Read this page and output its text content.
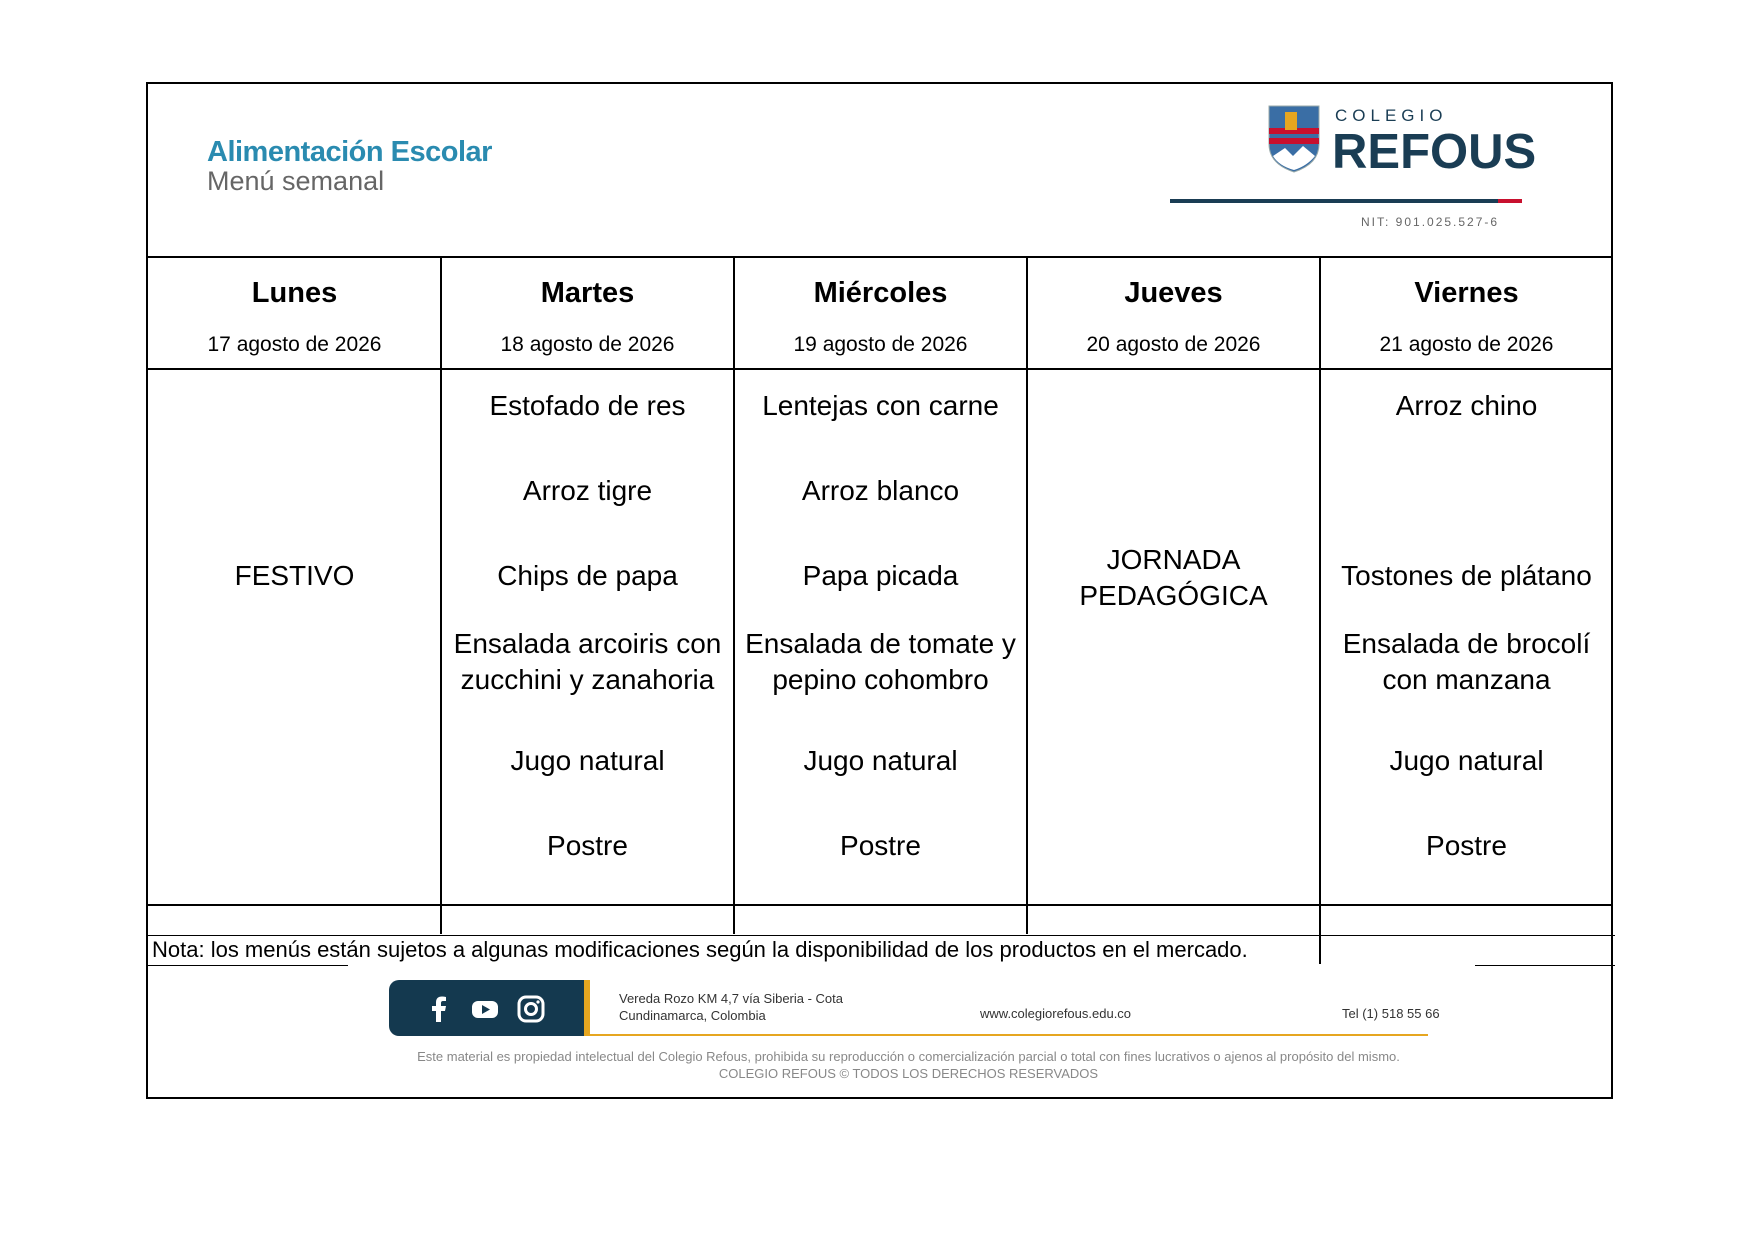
Alimentación Escolar
Menú semanal
COLEGIO
REFOUS
NIT: 901.025.527-6
Lunes
17 agosto de 2026
FESTIVO
Martes
18 agosto de 2026
Estofado de res
Arroz tigre
Chips de papa
Ensalada arcoiris con zucchini y zanahoria
Jugo natural
Postre
Miércoles
19 agosto de 2026
Lentejas con carne
Arroz blanco
Papa picada
Ensalada de tomate y pepino cohombro
Jugo natural
Postre
Jueves
20 agosto de 2026
JORNADA PEDAGÓGICA
Viernes
21 agosto de 2026
Arroz chino
Tostones de plátano
Ensalada de brocolí con manzana
Jugo natural
Postre
Nota: los menús están sujetos a algunas modificaciones según la disponibilidad de los productos en el mercado.
Vereda Rozo KM 4,7 vía Siberia - Cota
Cundinamarca, Colombia	www.colegiorefous.edu.co	Tel (1) 518 55 66
Este material es propiedad intelectual del Colegio Refous, prohibida su reproducción o comercialización parcial o total con fines lucrativos o ajenos al propósito del mismo.
COLEGIO REFOUS © TODOS LOS DERECHOS RESERVADOS
